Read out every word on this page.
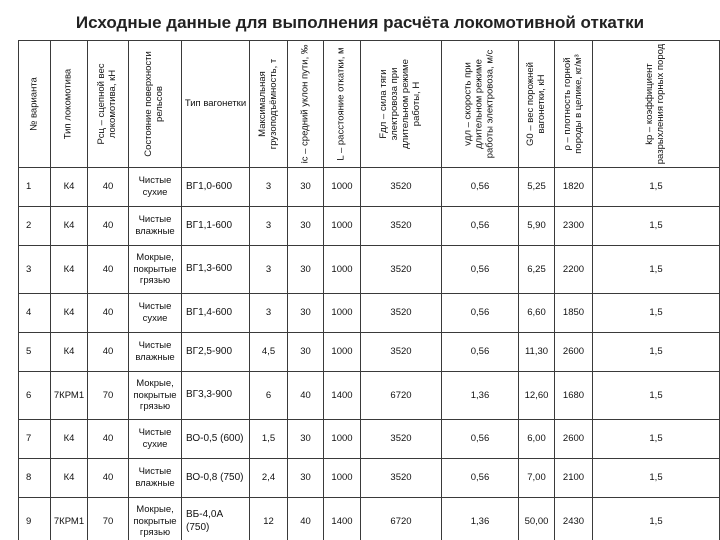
Исходные данные для выполнения расчёта локомотивной откатки
№ варианта	Тип локомотива	Рсц – сцепной вес локомотива, кН	Состояние поверхности рельсов	Тип вагонетки	Максимальная грузоподъёмность, т	iс – средний уклон пути, ‰	L – расстояние откатки, м	Fдл – сила тяги электровоза при длительном режиме работы, Н	vдл – скорость при длительном режиме работы электровоза, м/с	G0 – вес порожней вагонетки, кН	ρ – плотность горной породы в целике, кг/м³	kр – коэффициент разрыхления горных пород

1	К4	40	Чистые сухие	ВГ1,0-600	3	30	1000	3520	0,56	5,25	1820	1,5
2	К4	40	Чистые влажные	ВГ1,1-600	3	30	1000	3520	0,56	5,90	2300	1,5
3	К4	40	Мокрые, покрытые грязью	ВГ1,3-600	3	30	1000	3520	0,56	6,25	2200	1,5
4	К4	40	Чистые сухие	ВГ1,4-600	3	30	1000	3520	0,56	6,60	1850	1,5
5	К4	40	Чистые влажные	ВГ2,5-900	4,5	30	1000	3520	0,56	11,30	2600	1,5
6	7КРМ1	70	Мокрые, покрытые грязью	ВГ3,3-900	6	40	1400	6720	1,36	12,60	1680	1,5
7	К4	40	Чистые сухие	ВО-0,5 (600)	1,5	30	1000	3520	0,56	6,00	2600	1,5
8	К4	40	Чистые влажные	ВО-0,8 (750)	2,4	30	1000	3520	0,56	7,00	2100	1,5
9	7КРМ1	70	Мокрые, покрытые грязью	ВБ-4,0А (750)	12	40	1400	6720	1,36	50,00	2430	1,5
